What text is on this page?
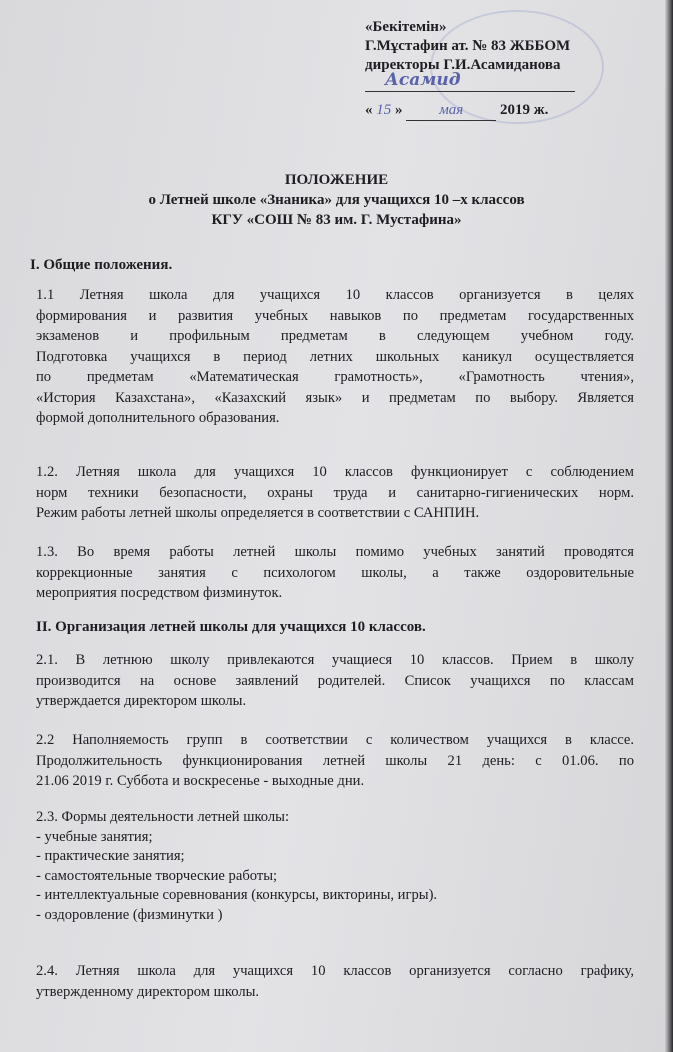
«Бекітемін»
Г.Мұстафин ат. № 83 ЖББОМ
директоры Г.И.Асамиданова
Асамид
« 15 » мая 2019 ж.
ПОЛОЖЕНИЕ
о Летней школе «Знаника» для учащихся 10 –х классов
КГУ «СОШ № 83 им. Г. Мустафина»
I. Общие положения.
1.1 Летняя школа для учащихся 10 классов организуется в целях
формирования и развития учебных навыков по предметам государственных
экзаменов и профильным предметам в следующем учебном году.
Подготовка учащихся в период летних школьных каникул осуществляется
по предметам «Математическая грамотность», «Грамотность чтения»,
«История Казахстана», «Казахский язык» и предметам по выбору. Является
формой дополнительного образования.
1.2. Летняя школа для учащихся 10 классов функционирует с соблюдением
норм техники безопасности, охраны труда и санитарно-гигиенических норм.
Режим работы летней школы определяется в соответствии с САНПИН.
1.3. Во время работы летней школы помимо учебных занятий проводятся
коррекционные занятия с психологом школы, а также оздоровительные
мероприятия посредством физминуток.
II. Организация летней школы для учащихся 10 классов.
2.1. В летнюю школу привлекаются учащиеся 10 классов. Прием в школу
производится на основе заявлений родителей. Список учащихся по классам
утверждается директором школы.
2.2 Наполняемость групп в соответствии с количеством учащихся в классе.
Продолжительность функционирования летней школы 21 день: с 01.06. по
21.06 2019 г. Суббота и воскресенье - выходные дни.
2.3. Формы деятельности летней школы:
- учебные занятия;
- практические занятия;
- самостоятельные творческие работы;
- интеллектуальные соревнования (конкурсы, викторины, игры).
- оздоровление (физминутки )
2.4. Летняя школа для учащихся 10 классов организуется согласно графику,
утвержденному директором школы.
